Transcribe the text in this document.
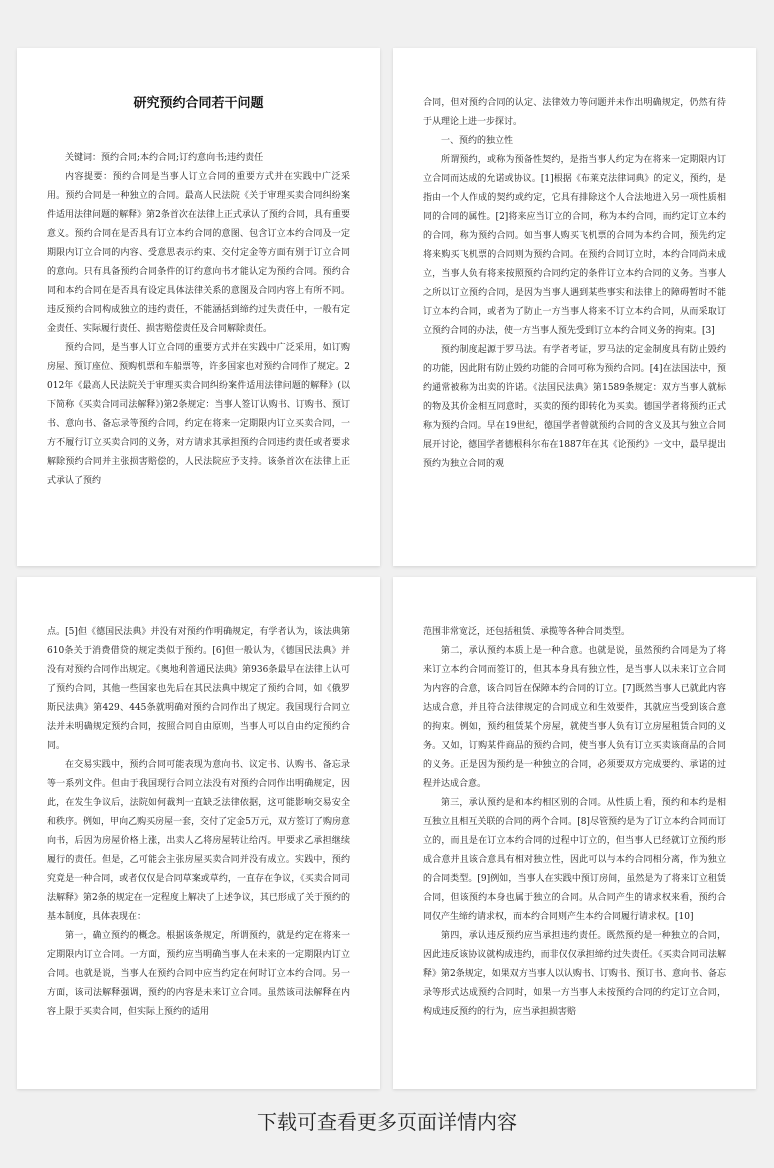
研究预约合同若干问题

关键词：预约合同;本约合同;订约意向书;违约责任

内容提要：预约合同是当事人订立合同的重要方式并在实践中广泛采用。预约合同是一种独立的合同。最高人民法院《关于审理买卖合同纠纷案件适用法律问题的解释》第2条首次在法律上正式承认了预约合同，具有重要意义。预约合同在是否具有订立本约合同的意图、包含订立本约合同及一定期限内订立合同的内容、受意思表示约束、交付定金等方面有别于订立合同的意向。只有具备预约合同条件的订约意向书才能认定为预约合同。预约合同和本约合同在是否具有设定具体法律关系的意图及合同内容上有所不同。违反预约合同构成独立的违约责任，不能涵括到缔约过失责任中，一般有定金责任、实际履行责任、损害赔偿责任及合同解除责任。

预约合同，是当事人订立合同的重要方式并在实践中广泛采用，如订购房屋、预订座位、预购机票和车船票等，许多国家也对预约合同作了规定。2012年《最高人民法院关于审理买卖合同纠纷案件适用法律问题的解释》(以下简称《买卖合同司法解释》)第2条规定：当事人签订认购书、订购书、预订书、意向书、备忘录等预约合同，约定在将来一定期限内订立买卖合同，一方不履行订立买卖合同的义务，对方请求其承担预约合同违约责任或者要求解除预约合同并主张损害赔偿的，人民法院应予支持。该条首次在法律上正式承认了预约

合同，但对预约合同的认定、法律效力等问题并未作出明确规定，仍然有待于从理论上进一步探讨。

一、预约的独立性

所谓预约，或称为预备性契约，是指当事人约定为在将来一定期限内订立合同而达成的允诺或协议。[1]根据《布莱克法律词典》的定义，预约，是指由一个人作成的契约或约定，它具有排除这个人合法地进入另一项性质相同的合同的属性。[2]将来应当订立的合同，称为本约合同，而约定订立本约的合同，称为预约合同。如当事人购买飞机票的合同为本约合同，预先约定将来购买飞机票的合同则为预约合同。在预约合同订立时，本约合同尚未成立，当事人负有将来按照预约合同约定的条件订立本约合同的义务。当事人之所以订立预约合同，是因为当事人遇到某些事实和法律上的障碍暂时不能订立本约合同，或者为了防止一方当事人将来不订立本约合同，从而采取订立预约合同的办法，使一方当事人预先受到订立本约合同义务的拘束。[3]

预约制度起源于罗马法。有学者考证，罗马法的定金制度具有防止毁约的功能，因此附有防止毁约功能的合同可称为预约合同。[4]在法国法中，预约通常被称为出卖的许诺。《法国民法典》第1589条规定：双方当事人就标的物及其价金相互同意时，买卖的预约即转化为买卖。德国学者将预约正式称为预约合同。早在19世纪，德国学者曾就预约合同的含义及其与独立合同展开讨论，德国学者德根科尔布在1887年在其《论预约》一文中，最早提出预约为独立合同的观

点。[5]但《德国民法典》并没有对预约作明确规定，有学者认为，该法典第610条关于消费借贷的规定类似于预约。[6]但一般认为，《德国民法典》并没有对预约合同作出规定。《奥地利普通民法典》第936条最早在法律上认可了预约合同，其他一些国家也先后在其民法典中规定了预约合同，如《俄罗斯民法典》第429、445条就明确对预约合同作出了规定。我国现行合同立法并未明确规定预约合同，按照合同自由原则，当事人可以自由约定预约合同。

在交易实践中，预约合同可能表现为意向书、议定书、认购书、备忘录等一系列文件。但由于我国现行合同立法没有对预约合同作出明确规定，因此，在发生争议后，法院如何裁判一直缺乏法律依据，这可能影响交易安全和秩序。例如，甲向乙购买房屋一套，交付了定金5万元，双方签订了购房意向书，后因为房屋价格上涨，出卖人乙将房屋转让给丙。甲要求乙承担继续履行的责任。但是，乙可能会主张房屋买卖合同并没有成立。实践中，预约究竟是一种合同，或者仅仅是合同草案或草约，一直存在争议，《买卖合同司法解释》第2条的规定在一定程度上解决了上述争议，其已形成了关于预约的基本制度，具体表现在：

第一，确立预约的概念。根据该条规定，所谓预约，就是约定在将来一定期限内订立合同。一方面，预约应当明确当事人在未来的一定期限内订立合同。也就是说，当事人在预约合同中应当约定在何时订立本约合同。另一方面，该司法解释强调，预约的内容是未来订立合同。虽然该司法解释在内容上限于买卖合同，但实际上预约的适用

范围非常宽泛，还包括租赁、承揽等各种合同类型。

第二，承认预约本质上是一种合意。也就是说，虽然预约合同是为了将来订立本约合同而签订的，但其本身具有独立性，是当事人以未来订立合同为内容的合意，该合同旨在保障本约合同的订立。[7]既然当事人已就此内容达成合意，并且符合法律规定的合同成立和生效要件，其就应当受到该合意的拘束。例如，预约租赁某个房屋，就使当事人负有订立房屋租赁合同的义务。又如，订购某件商品的预约合同，使当事人负有订立买卖该商品的合同的义务。正是因为预约是一种独立的合同，必须要双方完成要约、承诺的过程并达成合意。

第三，承认预约是和本约相区别的合同。从性质上看，预约和本约是相互独立且相互关联的合同的两个合同。[8]尽管预约是为了订立本约合同而订立的，而且是在订立本约合同的过程中订立的，但当事人已经就订立预约形成合意并且该合意具有相对独立性，因此可以与本约合同相分离，作为独立的合同类型。[9]例如，当事人在实践中预订房间，虽然是为了将来订立租赁合同，但该预约本身也属于独立的合同。从合同产生的请求权来看，预约合同仅产生缔约请求权，而本约合同则产生本约合同履行请求权。[10]

第四，承认违反预约应当承担违约责任。既然预约是一种独立的合同，因此违反该协议就构成违约，而非仅仅承担缔约过失责任。《买卖合同司法解释》第2条规定，如果双方当事人以认购书、订购书、预订书、意向书、备忘录等形式达成预约合同时，如果一方当事人未按预约合同的约定订立合同，构成违反预约的行为，应当承担损害赔

下载可查看更多页面详情内容
